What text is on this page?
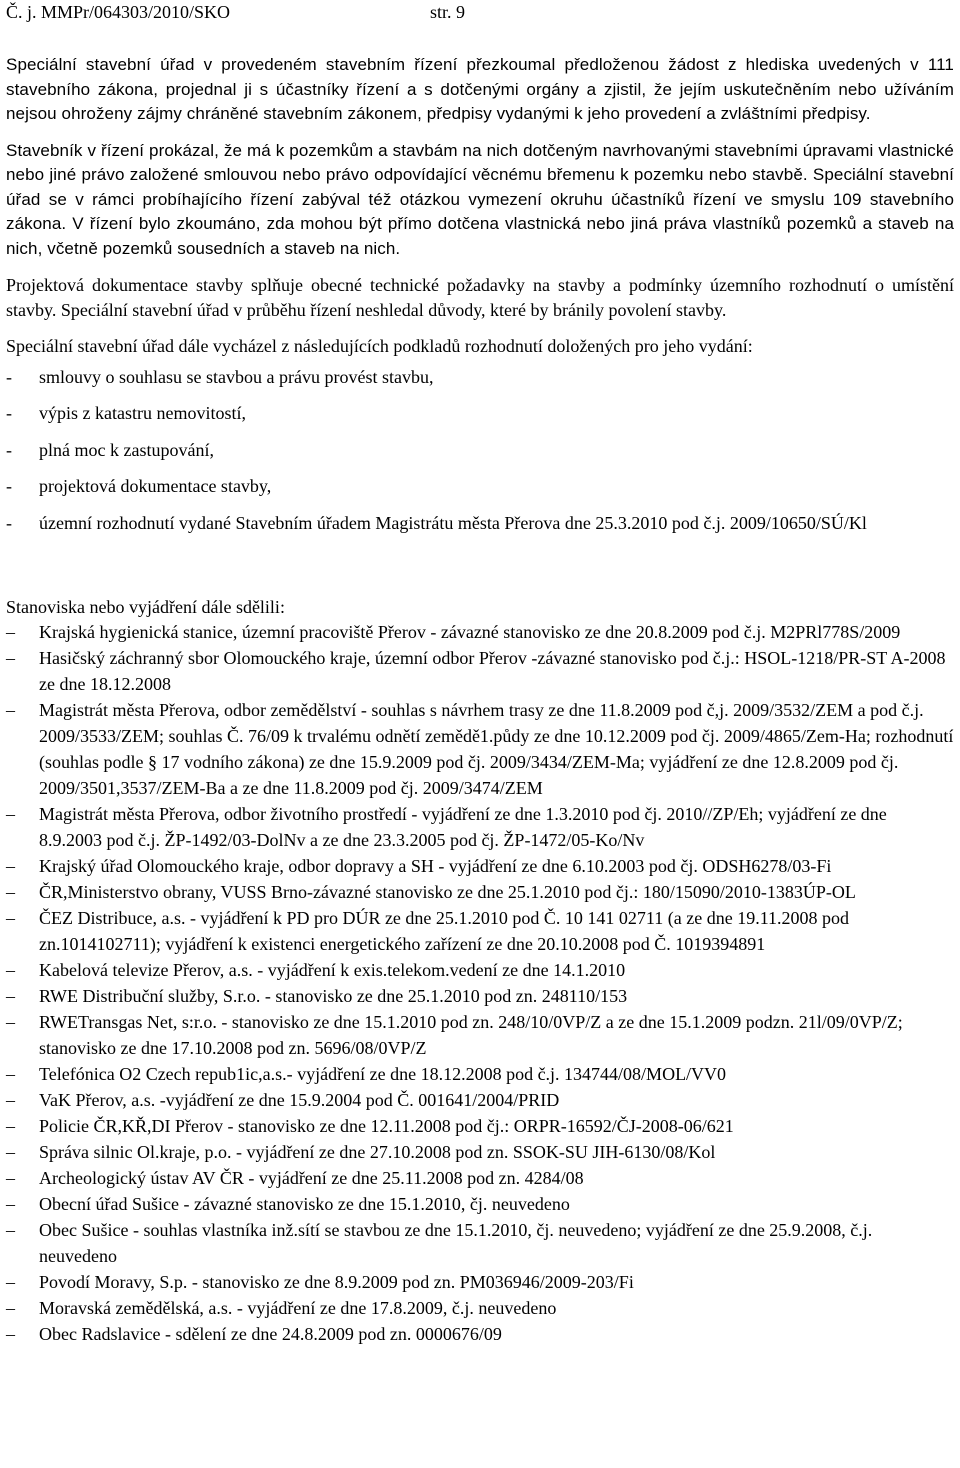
Č. j. MMPr/064303/2010/SKO	str. 9

Speciální stavební úřad v provedeném stavebním řízení přezkoumal předloženou žádost z hlediska uvedených v 111 stavebního zákona, projednal ji s účastníky řízení a s dotčenými orgány a zjistil, že jejím uskutečněním nebo užíváním nejsou ohroženy zájmy chráněné stavebním zákonem, předpisy vydanými k jeho provedení a zvláštními předpisy.

Stavebník v řízení prokázal, že má k pozemkům a stavbám na nich dotčeným navrhovanými stavebními úpravami vlastnické nebo jiné právo založené smlouvou nebo právo odpovídající věcnému břemenu k pozemku nebo stavbě. Speciální stavební úřad se v rámci probíhajícího řízení zabýval též otázkou vymezení okruhu účastníků řízení ve smyslu 109 stavebního zákona. V řízení bylo zkoumáno, zda mohou být přímo dotčena vlastnická nebo jiná práva vlastníků pozemků a staveb na nich, včetně pozemků sousedních a staveb na nich.

Projektová dokumentace stavby splňuje obecné technické požadavky na stavby a podmínky územního rozhodnutí o umístění stavby. Speciální stavební úřad v průběhu řízení neshledal důvody, které by bránily povolení stavby.

Speciální stavební úřad dále vycházel z následujících podkladů rozhodnutí doložených pro jeho vydání:

- smlouvy o souhlasu se stavbou a právu provést stavbu,
- výpis z katastru nemovitostí,
- plná moc k zastupování,
- projektová dokumentace stavby,
- územní rozhodnutí vydané Stavebním úřadem Magistrátu města Přerova dne 25.3.2010 pod č.j. 2009/10650/SÚ/Kl

Stanoviska nebo vyjádření dále sdělili:

– Krajská hygienická stanice, územní pracoviště Přerov - závazné stanovisko ze dne 20.8.2009 pod č.j. M2PRl778S/2009
– Hasičský záchranný sbor Olomouckého kraje, územní odbor Přerov -závazné stanovisko pod č.j.: HSOL-1218/PR-ST A-2008 ze dne 18.12.2008
– Magistrát města Přerova, odbor zemědělství - souhlas s návrhem trasy ze dne 11.8.2009 pod č,j. 2009/3532/ZEM a pod č.j. 2009/3533/ZEM; souhlas Č. 76/09 k trvalému odnětí zemědě1.půdy ze dne 10.12.2009 pod čj. 2009/4865/Zem-Ha; rozhodnutí (souhlas podle § 17 vodního zákona) ze dne 15.9.2009 pod čj. 2009/3434/ZEM-Ma; vyjádření ze dne 12.8.2009 pod čj. 2009/3501,3537/ZEM-Ba a ze dne 11.8.2009 pod čj. 2009/3474/ZEM
– Magistrát města Přerova, odbor životního prostředí - vyjádření ze dne 1.3.2010 pod čj. 2010//ZP/Eh; vyjádření ze dne 8.9.2003 pod č.j. ŽP-1492/03-DolNv a ze dne 23.3.2005 pod čj. ŽP-1472/05-Ko/Nv
– Krajský úřad Olomouckého kraje, odbor dopravy a SH - vyjádření ze dne 6.10.2003 pod čj. ODSH6278/03-Fi
– ČR,Ministerstvo obrany, VUSS Brno-závazné stanovisko ze dne 25.1.2010 pod čj.: 180/15090/2010-1383ÚP-OL
– ČEZ Distribuce, a.s. - vyjádření k PD pro DÚR ze dne 25.1.2010 pod Č. 10 141 02711 (a ze dne 19.11.2008 pod zn.1014102711); vyjádření k existenci energetického zařízení ze dne 20.10.2008 pod Č. 1019394891
– Kabelová televize Přerov, a.s. - vyjádření k exis.telekom.vedení ze dne 14.1.2010
– RWE Distribuční služby, S.r.o. - stanovisko ze dne 25.1.2010 pod zn. 248110/153
– RWETransgas Net, s:r.o. - stanovisko ze dne 15.1.2010 pod zn. 248/10/0VP/Z a ze dne 15.1.2009 podzn. 21l/09/0VP/Z; stanovisko ze dne 17.10.2008 pod zn. 5696/08/0VP/Z
– Telefónica O2 Czech repub1ic,a.s.- vyjádření ze dne 18.12.2008 pod č.j. 134744/08/MOL/VV0
– VaK Přerov, a.s. -vyjádření ze dne 15.9.2004 pod Č. 001641/2004/PRID
– Policie ČR,KŘ,DI Přerov - stanovisko ze dne 12.11.2008 pod čj.: ORPR-16592/ČJ-2008-06/621
– Správa silnic Ol.kraje, p.o. - vyjádření ze dne 27.10.2008 pod zn. SSOK-SU JIH-6130/08/Kol
– Archeologický ústav AV ČR - vyjádření ze dne 25.11.2008 pod zn. 4284/08
– Obecní úřad Sušice - závazné stanovisko ze dne 15.1.2010, čj. neuvedeno
– Obec Sušice - souhlas vlastníka inž.sítí se stavbou ze dne 15.1.2010, čj. neuvedeno; vyjádření ze dne 25.9.2008, č.j. neuvedeno
– Povodí Moravy, S.p. - stanovisko ze dne 8.9.2009 pod zn. PM036946/2009-203/Fi
– Moravská zemědělská, a.s. - vyjádření ze dne 17.8.2009, č.j. neuvedeno
– Obec Radslavice - sdělení ze dne 24.8.2009 pod zn. 0000676/09
